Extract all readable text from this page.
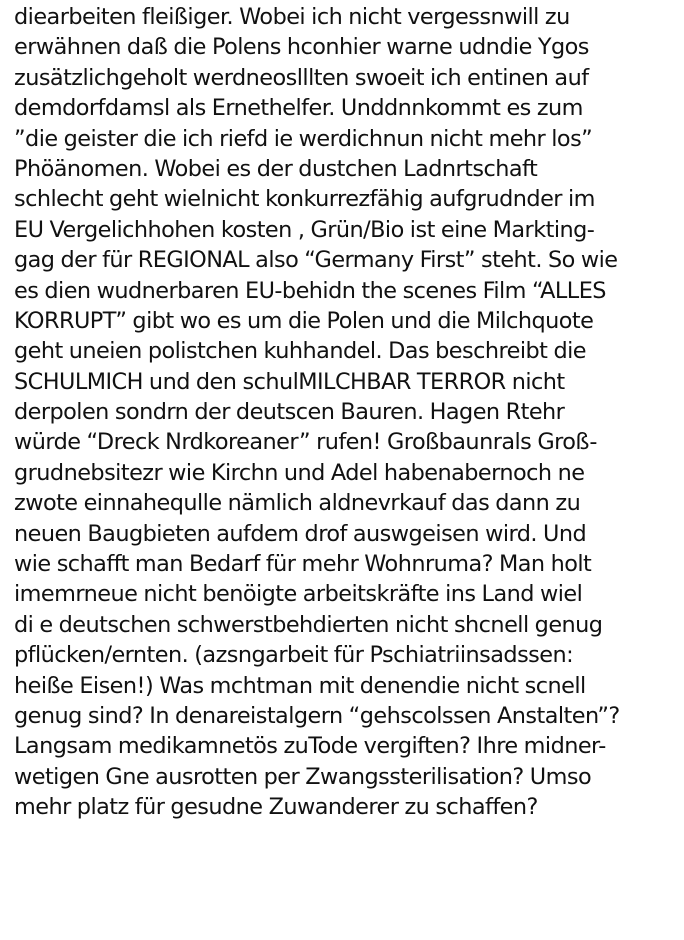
diearbeiten fleißiger. Wobei ich nicht vergessnwill zu
erwähnen daß die Polens hconhier warne udndie Ygos
zusätzlichgeholt werdneoslllten swoeit ich entinen auf
demdorfdamsl als Ernethelfer. Unddnnkommt es zum
”die geister die ich riefd ie werdichnun nicht mehr los”
Phöänomen. Wobei es der dustchen Ladnrtschaft
schlecht geht wielnicht konkurrezfähig aufgrudnder im
EU Vergelichhohen kosten , Grün/Bio ist eine Markting-
gag der für REGIONAL also “Germany First” steht. So wie
es dien wudnerbaren EU-behidn the scenes Film “ALLES
KORRUPT” gibt wo es um die Polen und die Milchquote
geht uneien polistchen kuhhandel. Das beschreibt die
SCHULMICH und den schulMILCHBAR TERROR nicht
derpolen sondrn der deutscen Bauren. Hagen Rtehr
würde “Dreck Nrdkoreaner” rufen! Großbaunrals Groß-
grudnebsitezr wie Kirchn und Adel habenabernoch ne
zwote einnahequlle nämlich aldnevrkauf das dann zu
neuen Baugbieten aufdem drof auswgeisen wird. Und
wie schafft man Bedarf für mehr Wohnruma? Man holt
imemrneue nicht benöigte arbeitskräfte ins Land wiel
di e deutschen schwerstbehdierten nicht shcnell genug
pflücken/ernten. (azsngarbeit für Pschiatriinsadssen:
heiße Eisen!) Was mchtman mit denendie nicht scnell
genug sind? In denareistalgern “gehscolssen Anstalten”?
Langsam medikamnetös zuTode vergiften? Ihre midner-
wetigen Gne ausrotten per Zwangssterilisation? Umso
mehr platz für gesudne Zuwanderer zu schaffen?
